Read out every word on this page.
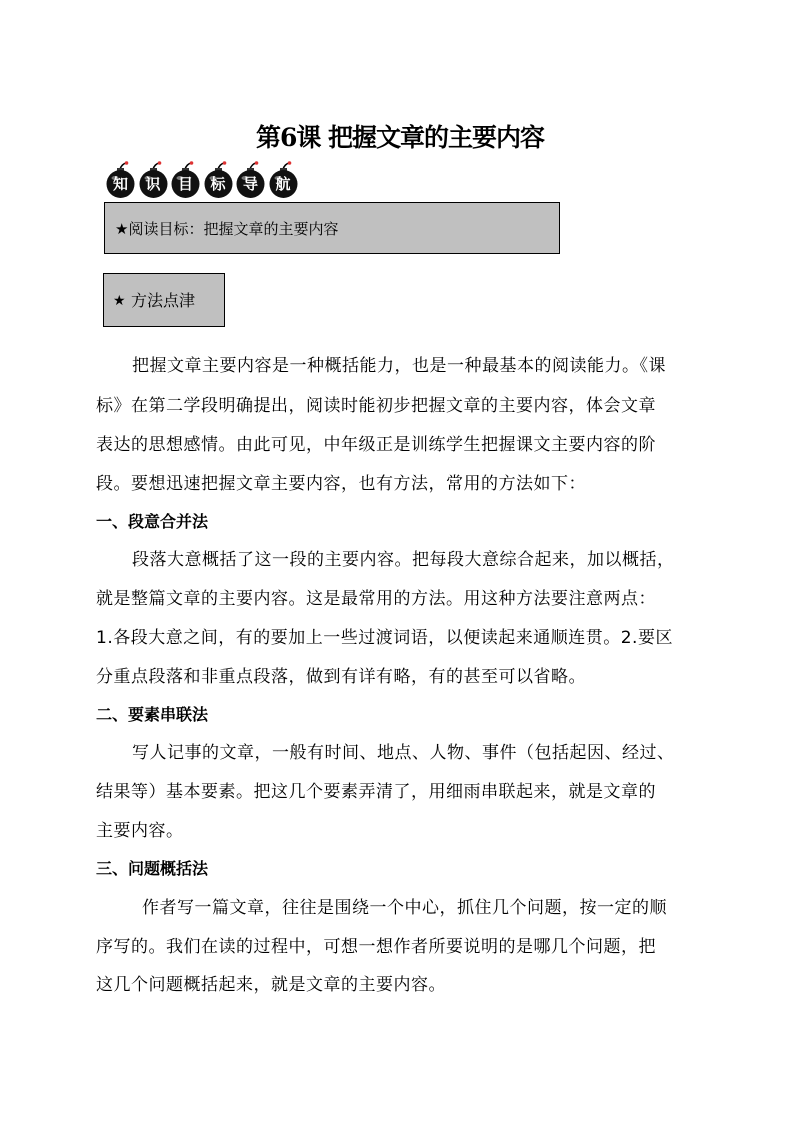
第6课 把握文章的主要内容
知	识	目	标	导	航
★阅读目标：把握文章的主要内容
★ 方法点津
把握文章主要内容是一种概括能力，也是一种最基本的阅读能力。《课
标》在第二学段明确提出，阅读时能初步把握文章的主要内容，体会文章
表达的思想感情。由此可见，中年级正是训练学生把握课文主要内容的阶
段。要想迅速把握文章主要内容，也有方法，常用的方法如下：
一、段意合并法
段落大意概括了这一段的主要内容。把每段大意综合起来，加以概括，
就是整篇文章的主要内容。这是最常用的方法。用这种方法要注意两点：
1.各段大意之间，有的要加上一些过渡词语，以便读起来通顺连贯。2.要区
分重点段落和非重点段落，做到有详有略，有的甚至可以省略。
二、要素串联法
写人记事的文章，一般有时间、地点、人物、事件（包括起因、经过、
结果等）基本要素。把这几个要素弄清了，用细雨串联起来，就是文章的
主要内容。
三、问题概括法
作者写一篇文章，往往是围绕一个中心，抓住几个问题，按一定的顺
序写的。我们在读的过程中，可想一想作者所要说明的是哪几个问题，把
这几个问题概括起来，就是文章的主要内容。
